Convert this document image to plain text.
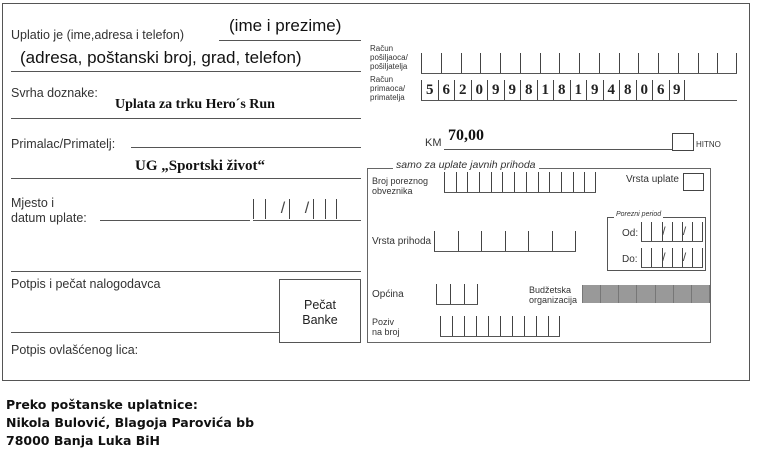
Uplatio je (ime,adresa i telefon)	(ime i prezime)
(adresa, poštanski broj, grad, telefon)
Svrha doznake:
Uplata za trku Hero´s Run
Primalac/Primatelj:
UG „Sportski život“
Mjesto i
datum uplate:
/ /
Potpis i pečat nalogodavca
Pečat
Banke
Potpis ovlašćenog lica:
Račun
pošiljaoca/
pošiljatelja
Račun
primaoca/
primatelja	5 6 2 0 9 9 8 1 8 1 9 4 8 0 6 9
KM 70,00
HITNO
samo za uplate javnih prihoda
Broj poreznog
obveznika
Vrsta uplate
Porezni period
Od: / /
Do: / /
Vrsta prihoda
Općina	Budžetska
organizacija
Poziv
na broj
Preko poštanske uplatnice:
Nikola Bulović, Blagoja Parovića bb
78000 Banja Luka BiH
